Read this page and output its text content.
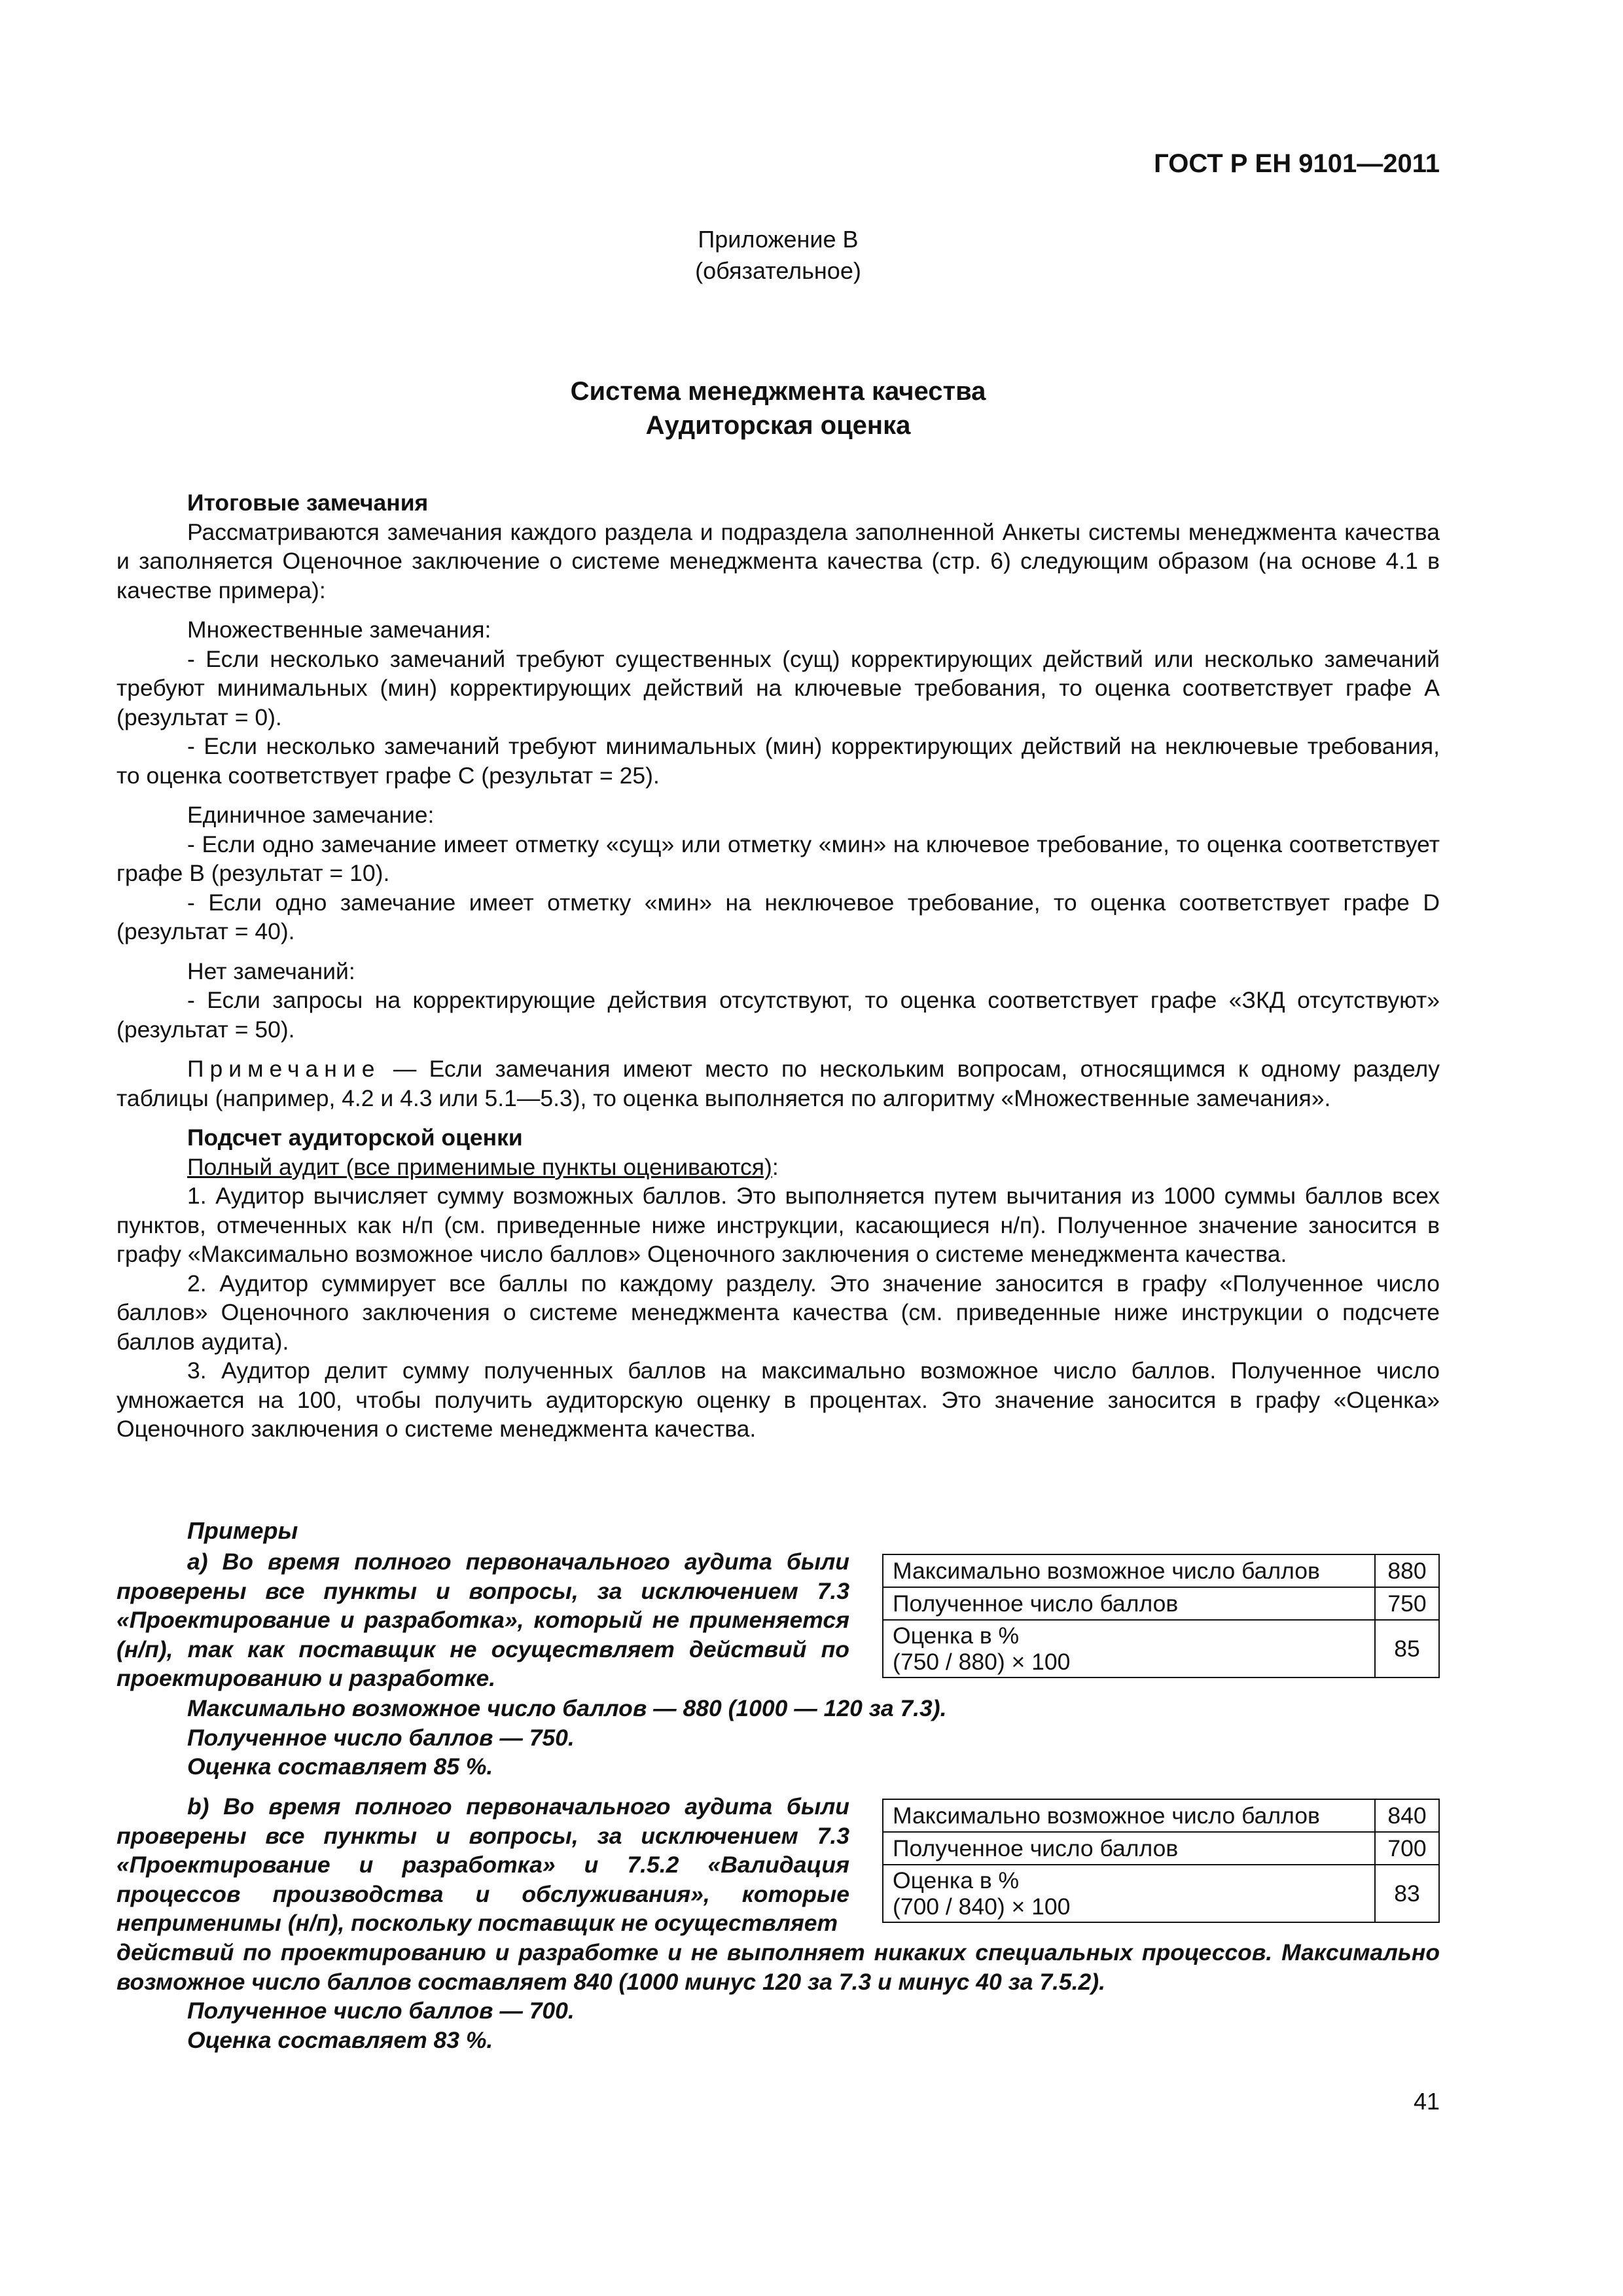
ГОСТ Р ЕН 9101—2011
Приложение В
(обязательное)
Система менеджмента качества
Аудиторская оценка

Итоговые замечания

Рассматриваются замечания каждого раздела и подраздела заполненной Анкеты системы менеджмента качества и заполняется Оценочное заключение о системе менеджмента качества (стр. 6) следующим образом (на основе 4.1 в качестве примера):

Множественные замечания:

- Если несколько замечаний требуют существенных (сущ) корректирующих действий или несколько замечаний требуют минимальных (мин) корректирующих действий на ключевые требования, то оценка соответствует графе А (результат = 0).

- Если несколько замечаний требуют минимальных (мин) корректирующих действий на неключевые требования, то оценка соответствует графе С (результат = 25).

Единичное замечание:

- Если одно замечание имеет отметку «сущ» или отметку «мин» на ключевое требование, то оценка соответствует графе В (результат = 10).

- Если одно замечание имеет отметку «мин» на неключевое требование, то оценка соответствует графе D (результат = 40).

Нет замечаний:

- Если запросы на корректирующие действия отсутствуют, то оценка соответствует графе «ЗКД отсутствуют» (результат = 50).

Примечание — Если замечания имеют место по нескольким вопросам, относящимся к одному разделу таблицы (например, 4.2 и 4.3 или 5.1—5.3), то оценка выполняется по алгоритму «Множественные замечания».

Подсчет аудиторской оценки

Полный аудит (все применимые пункты оцениваются):

1. Аудитор вычисляет сумму возможных баллов. Это выполняется путем вычитания из 1000 суммы баллов всех пунктов, отмеченных как н/п (см. приведенные ниже инструкции, касающиеся н/п). Полученное значение заносится в графу «Максимально возможное число баллов» Оценочного заключения о системе менеджмента качества.

2. Аудитор суммирует все баллы по каждому разделу. Это значение заносится в графу «Полученное число баллов» Оценочного заключения о системе менеджмента качества (см. приведенные ниже инструкции о подсчете баллов аудита).

3. Аудитор делит сумму полученных баллов на максимально возможное число баллов. Полученное число умножается на 100, чтобы получить аудиторскую оценку в процентах. Это значение заносится в графу «Оценка» Оценочного заключения о системе менеджмента качества.

Примеры

а) Во время полного первоначального аудита были проверены все пункты и вопросы, за исключением 7.3 «Проектирование и разработка», который не применяется (н/п), так как поставщик не осуществляет действий по проектированию и разработке.

Максимально возможное число баллов — 880 (1000 — 120 за 7.3).

Полученное число баллов — 750.

Оценка составляет 85 %.

Максимально возможное число баллов	880
Полученное число баллов	750

Оценка в %
(750 / 880) × 100	85

b) Во время полного первоначального аудита были проверены все пункты и вопросы, за исключением 7.3 «Проектирование и разработка» и 7.5.2 «Валидация процессов производства и обслуживания», которые неприменимы (н/п), поскольку поставщик не осуществляет

действий по проектированию и разработке и не выполняет никаких специальных процессов. Максимально возможное число баллов составляет 840 (1000 минус 120 за 7.3 и минус 40 за 7.5.2).

Полученное число баллов — 700.

Оценка составляет 83 %.

Максимально возможное число баллов	840
Полученное число баллов	700

Оценка в %
(700 / 840) × 100	83
41
